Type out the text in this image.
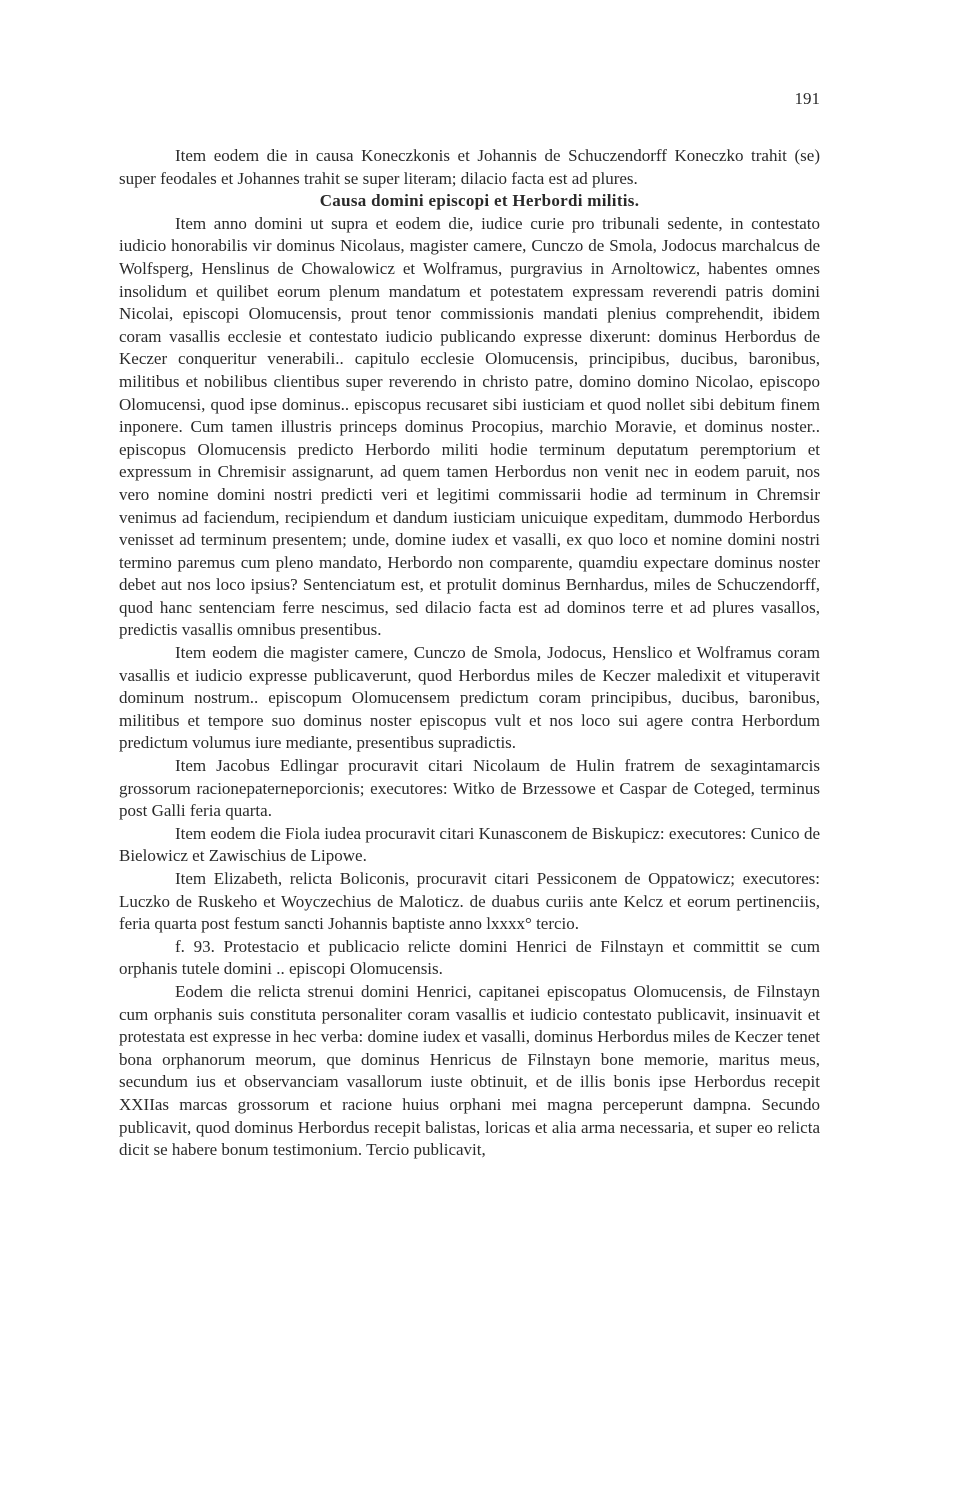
191

Item eodem die in causa Koneczkonis et Johannis de Schuczendorff Koneczko trahit (se) super feodales et Johannes trahit se super literam; dilacio facta est ad plures.

Causa domini episcopi et Herbordi militis.

Item anno domini ut supra et eodem die, iudice curie pro tribunali sedente, in contestato iudicio honorabilis vir dominus Nicolaus, magister camere, Cunczo de Smola, Jodocus marchalcus de Wolfsperg, Henslinus de Chowalowicz et Wolframus, purgravius in Arnoltowicz, habentes omnes insolidum et quilibet eorum plenum mandatum et potestatem expressam reverendi patris domini Nicolai, episcopi Olomucensis, prout tenor commissionis mandati plenius comprehendit, ibidem coram vasallis ecclesie et contestato iudicio publicando expresse dixerunt: dominus Herbordus de Keczer conqueritur venerabili.. capitulo ecclesie Olomucensis, principibus, ducibus, baronibus, militibus et nobilibus clientibus super reverendo in christo patre, domino domino Nicolao, episcopo Olomucensi, quod ipse dominus.. episcopus recusaret sibi iusticiam et quod nollet sibi debitum finem inponere. Cum tamen illustris princeps dominus Procopius, marchio Moravie, et dominus noster.. episcopus Olomucensis predicto Herbordo militi hodie terminum deputatum peremptorium et expressum in Chremisir assignarunt, ad quem tamen Herbordus non venit nec in eodem paruit, nos vero nomine domini nostri predicti veri et legitimi commissarii hodie ad terminum in Chremsir venimus ad faciendum, recipiendum et dandum iusticiam unicuique expeditam, dummodo Herbordus venisset ad terminum presentem; unde, domine iudex et vasalli, ex quo loco et nomine domini nostri termino paremus cum pleno mandato, Herbordo non comparente, quamdiu expectare dominus noster debet aut nos loco ipsius? Sentenciatum est, et protulit dominus Bernhardus, miles de Schuczendorff, quod hanc sentenciam ferre nescimus, sed dilacio facta est ad dominos terre et ad plures vasallos, predictis vasallis omnibus presentibus.

Item eodem die magister camere, Cunczo de Smola, Jodocus, Henslico et Wolframus coram vasallis et iudicio expresse publicaverunt, quod Herbordus miles de Keczer maledixit et vituperavit dominum nostrum.. episcopum Olomucensem predictum coram principibus, ducibus, baronibus, militibus et tempore suo dominus noster episcopus vult et nos loco sui agere contra Herbordum predictum volumus iure mediante, presentibus supradictis.

Item Jacobus Edlingar procuravit citari Nicolaum de Hulin fratrem de sexagintamarcis grossorum racionepaterneporcionis; executores: Witko de Brzessowe et Caspar de Coteged, terminus post Galli feria quarta.

Item eodem die Fiola iudea procuravit citari Kunasconem de Biskupicz: executores: Cunico de Bielowicz et Zawischius de Lipowe.

Item Elizabeth, relicta Boliconis, procuravit citari Pessiconem de Oppatowicz; executores: Luczko de Ruskeho et Woyczechius de Maloticz. de duabus curiis ante Kelcz et eorum pertinenciis, feria quarta post festum sancti Johannis baptiste anno lxxxx° tercio.

f. 93. Protestacio et publicacio relicte domini Henrici de Filnstayn et committit se cum orphanis tutele domini .. episcopi Olomucensis.

Eodem die relicta strenui domini Henrici, capitanei episcopatus Olomucensis, de Filnstayn cum orphanis suis constituta personaliter coram vasallis et iudicio contestato publicavit, insinuavit et protestata est expresse in hec verba: domine iudex et vasalli, dominus Herbordus miles de Keczer tenet bona orphanorum meorum, que dominus Henricus de Filnstayn bone memorie, maritus meus, secundum ius et observanciam vasallorum iuste obtinuit, et de illis bonis ipse Herbordus recepit XXIIas marcas grossorum et racione huius orphani mei magna perceperunt dampna. Secundo publicavit, quod dominus Herbordus recepit balistas, loricas et alia arma necessaria, et super eo relicta dicit se habere bonum testimonium. Tercio publicavit,
